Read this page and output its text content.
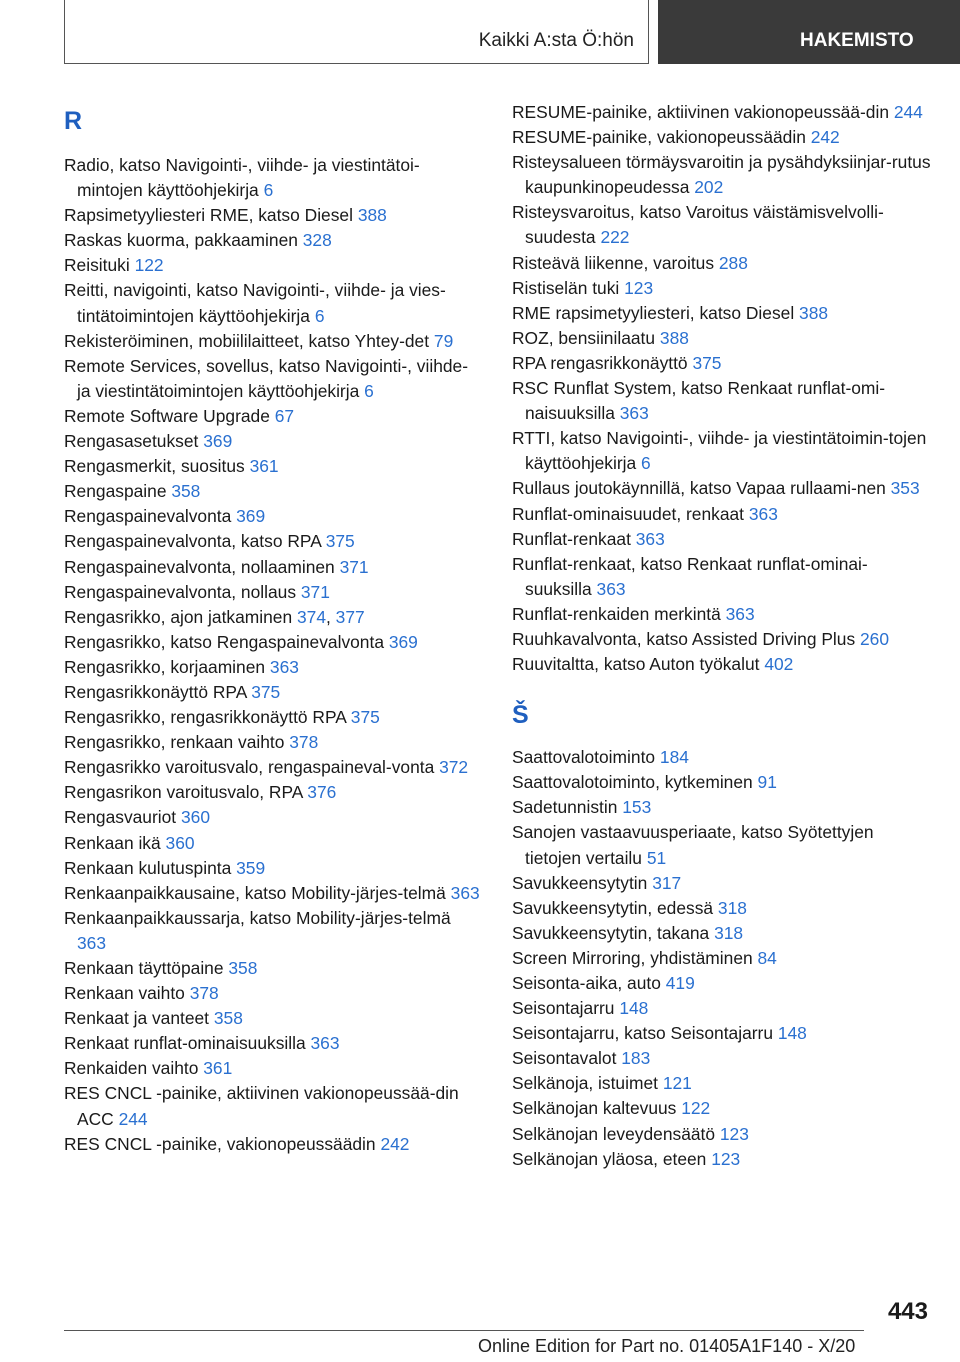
Kaikki A:sta Ö:hön	HAKEMISTO
R
Radio, katso Navigointi-, viihde- ja viestintätoi-mintojen käyttöohjekirja 6
Rapsimetyyliesteri RME, katso Diesel 388
Raskas kuorma, pakkaaminen 328
Reisituki 122
Reitti, navigointi, katso Navigointi-, viihde- ja vies-tintätoimintojen käyttöohjekirja 6
Rekisteröiminen, mobiililaitteet, katso Yhtey-det 79
Remote Services, sovellus, katso Navigointi-, viihde- ja viestintätoimintojen käyttöohjekirja 6
Remote Software Upgrade 67
Rengasasetukset 369
Rengasmerkit, suositus 361
Rengaspaine 358
Rengaspainevalvonta 369
Rengaspainevalvonta, katso RPA 375
Rengaspainevalvonta, nollaaminen 371
Rengaspainevalvonta, nollaus 371
Rengasrikko, ajon jatkaminen 374, 377
Rengasrikko, katso Rengaspainevalvonta 369
Rengasrikko, korjaaminen 363
Rengasrikkonäyttö RPA 375
Rengasrikko, rengasrikkonäyttö RPA 375
Rengasrikko, renkaan vaihto 378
Rengasrikko varoitusvalo, rengaspaineval-vonta 372
Rengasrikon varoitusvalo, RPA 376
Rengasvauriot 360
Renkaan ikä 360
Renkaan kulutuspinta 359
Renkaanpaikkausaine, katso Mobility-järjes-telmä 363
Renkaanpaikkaussarja, katso Mobility-järjes-telmä 363
Renkaan täyttöpaine 358
Renkaan vaihto 378
Renkaat ja vanteet 358
Renkaat runflat-ominaisuuksilla 363
Renkaiden vaihto 361
RES CNCL -painike, aktiivinen vakionopeussää-din ACC 244
RES CNCL -painike, vakionopeussäädin 242
RESUME-painike, aktiivinen vakionopeussää-din 244
RESUME-painike, vakionopeussäädin 242
Risteysalueen törmäysvaroitin ja pysähdyksiinjar-rutus kaupunkinopeudessa 202
Risteysvaroitus, katso Varoitus väistämisvelvolli-suudesta 222
Risteävä liikenne, varoitus 288
Ristiselän tuki 123
RME rapsimetyyliesteri, katso Diesel 388
ROZ, bensiinilaatu 388
RPA rengasrikkonäyttö 375
RSC Runflat System, katso Renkaat runflat-omi-naisuuksilla 363
RTTI, katso Navigointi-, viihde- ja viestintätoimin-tojen käyttöohjekirja 6
Rullaus joutokäynnillä, katso Vapaa rullaami-nen 353
Runflat-ominaisuudet, renkaat 363
Runflat-renkaat 363
Runflat-renkaat, katso Renkaat runflat-ominai-suuksilla 363
Runflat-renkaiden merkintä 363
Ruuhkavalvonta, katso Assisted Driving Plus 260
Ruuvitaltta, katso Auton työkalut 402
Š
Saattovalotoiminto 184
Saattovalotoiminto, kytkeminen 91
Sadetunnistin 153
Sanojen vastaavuusperiaate, katso Syötettyjen tietojen vertailu 51
Savukkeensytytin 317
Savukkeensytytin, edessä 318
Savukkeensytytin, takana 318
Screen Mirroring, yhdistäminen 84
Seisonta-aika, auto 419
Seisontajarru 148
Seisontajarru, katso Seisontajarru 148
Seisontavalot 183
Selkänoja, istuimet 121
Selkänojan kaltevuus 122
Selkänojan leveydensäätö 123
Selkänojan yläosa, eteen 123
443
Online Edition for Part no. 01405A1F140 - X/20
